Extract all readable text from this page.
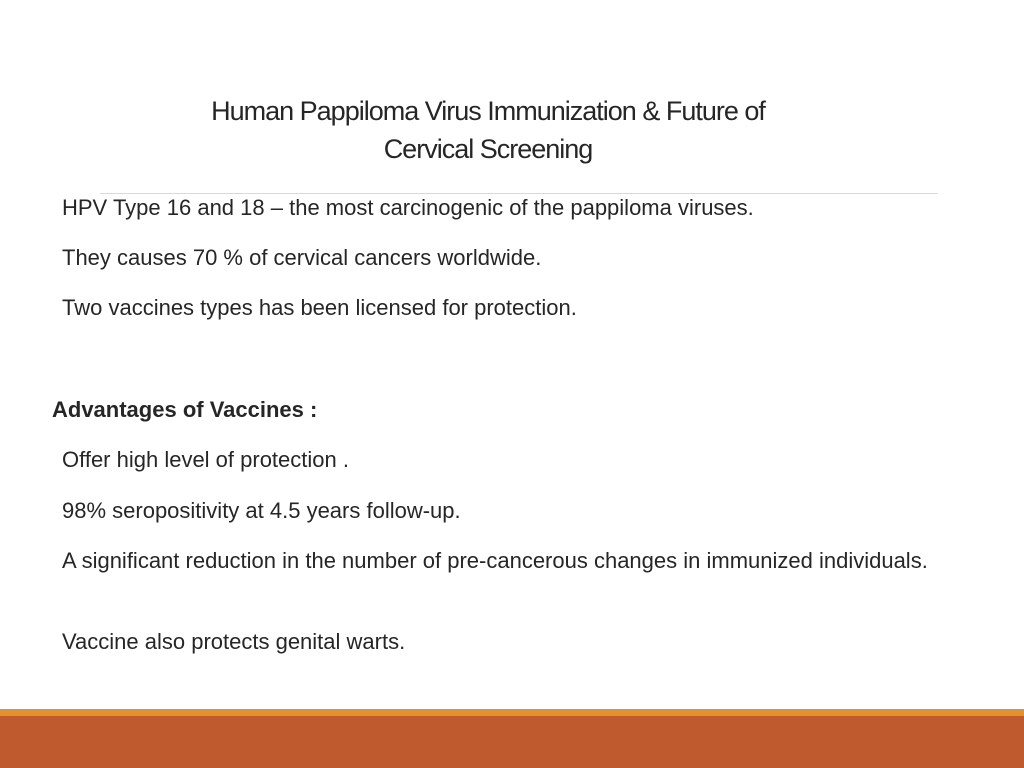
Human Pappiloma Virus Immunization & Future of
Cervical Screening
HPV Type 16 and 18 – the most carcinogenic of the pappiloma viruses.
They causes 70 % of cervical cancers worldwide.
Two vaccines types has been licensed for protection.
Advantages of Vaccines :
Offer high level of protection .
98% seropositivity at 4.5 years follow-up.
A significant reduction in the number of pre-cancerous changes in immunized individuals.
Vaccine also protects genital warts.
